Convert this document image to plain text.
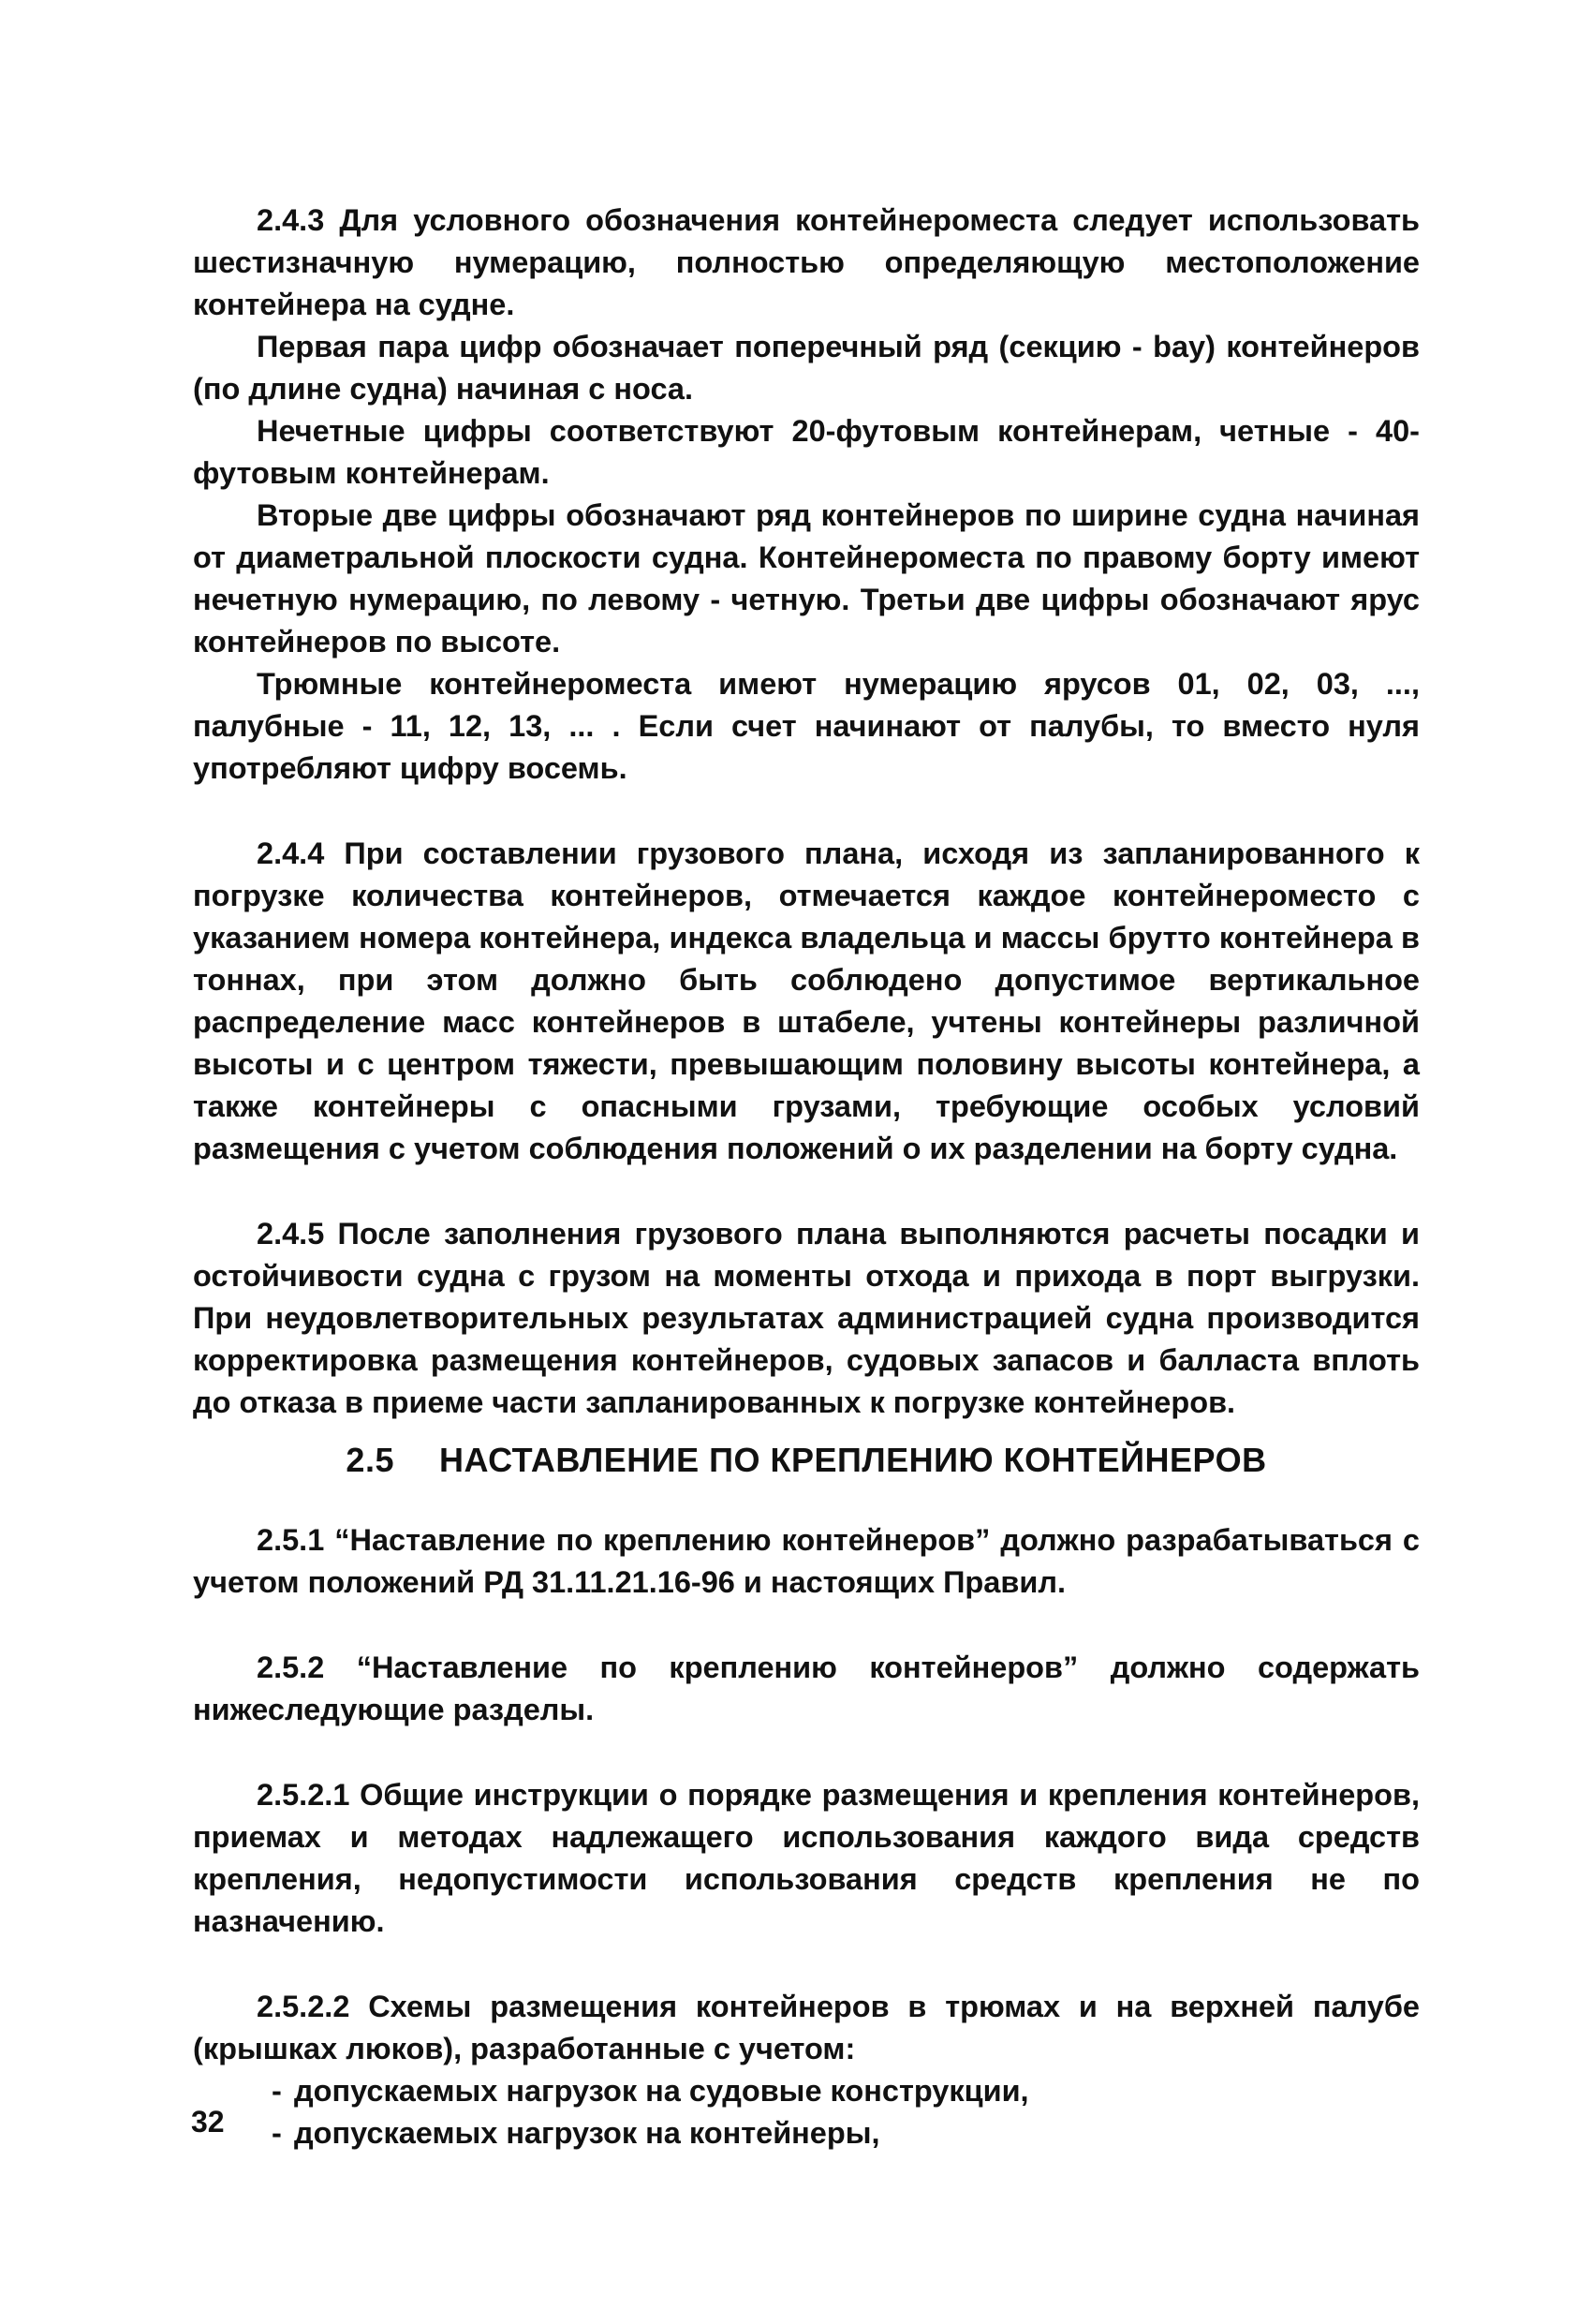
2.4.3 Для условного обозначения контейнероместа следует использовать шестизначную нумерацию, полностью определяющую местоположение контейнера на судне.

Первая пара цифр обозначает поперечный ряд (секцию - bay) контейнеров (по длине судна) начиная с носа.

Нечетные цифры соответствуют 20-футовым контейнерам, четные - 40-футовым контейнерам.

Вторые две цифры обозначают ряд контейнеров по ширине судна начиная от диаметральной плоскости судна. Контейнероместа по правому борту имеют нечетную нумерацию, по левому - четную. Третьи две цифры обозначают ярус контейнеров по высоте.

Трюмные контейнероместа имеют нумерацию ярусов 01, 02, 03, ..., палубные - 11, 12, 13, ... . Если счет начинают от палубы, то вместо нуля употребляют цифру восемь.

2.4.4 При составлении грузового плана, исходя из запланированного к погрузке количества контейнеров, отмечается каждое контейнероместо с указанием номера контейнера, индекса владельца и массы брутто контейнера в тоннах, при этом должно быть соблюдено допустимое вертикальное распределение масс контейнеров в штабеле, учтены контейнеры различной высоты и с центром тяжести, превышающим половину высоты контейнера, а также контейнеры с опасными грузами, требующие особых условий размещения с учетом соблюдения положений о их разделении на борту судна.

2.4.5 После заполнения грузового плана выполняются расчеты посадки и остойчивости судна с грузом на моменты отхода и прихода в порт выгрузки. При неудовлетворительных результатах администрацией судна производится корректировка размещения контейнеров, судовых запасов и балласта вплоть до отказа в приеме части запланированных к погрузке контейнеров.

2.5 НАСТАВЛЕНИЕ ПО КРЕПЛЕНИЮ КОНТЕЙНЕРОВ

2.5.1 “Наставление по креплению контейнеров” должно разрабатываться с учетом положений РД 31.11.21.16-96 и настоящих Правил.

2.5.2 “Наставление по креплению контейнеров” должно содержать нижеследующие разделы.

2.5.2.1 Общие инструкции о порядке размещения и крепления контейнеров, приемах и методах надлежащего использования каждого вида средств крепления, недопустимости использования средств крепления не по назначению.

2.5.2.2 Схемы размещения контейнеров в трюмах и на верхней палубе (крышках люков), разработанные с учетом:

- допускаемых нагрузок на судовые конструкции,
- допускаемых нагрузок на контейнеры,
32
